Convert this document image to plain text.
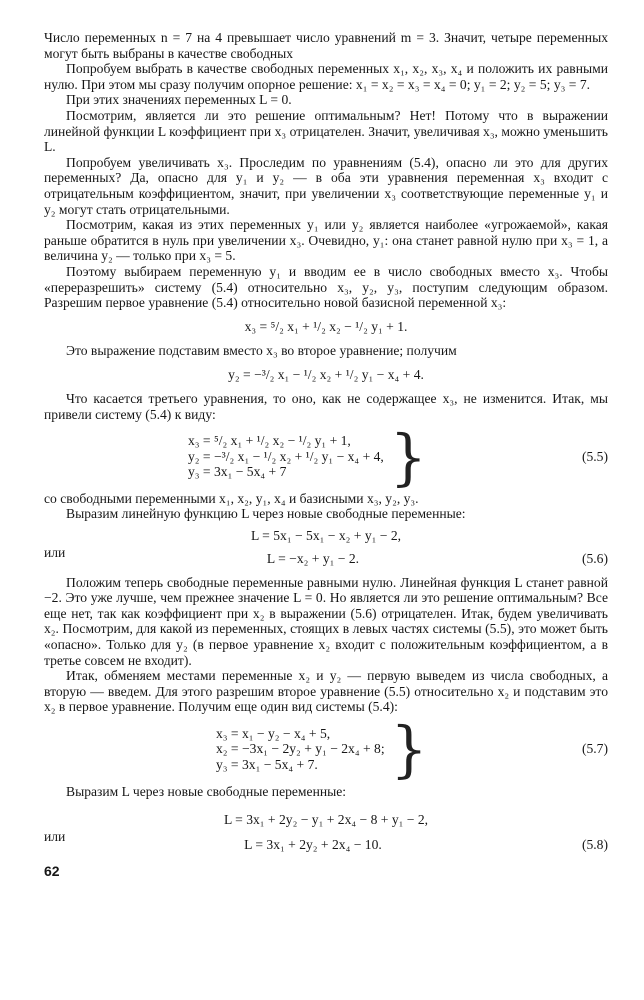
Число переменных n = 7 на 4 превышает число уравнений m = 3. Значит, четыре переменных могут быть выбраны в качестве свободных

Попробуем выбрать в качестве свободных переменных x₁, x₂, x₃, x₄ и положить их равными нулю. При этом мы сразу получим опорное решение: x₁ = x₂ = x₃ = x₄ = 0; y₁ = 2; y₂ = 5; y₃ = 7.

При этих значениях переменных L = 0.

Посмотрим, является ли это решение оптимальным? Нет! Потому что в выражении линейной функции L коэффициент при x₃ отрицателен. Значит, увеличивая x₃, можно уменьшить L.

Попробуем увеличивать x₃. Проследим по уравнениям (5.4), опасно ли это для других переменных? Да, опасно для y₁ и y₂ — в оба эти уравнения переменная x₃ входит с отрицательным коэффициентом, значит, при увеличении x₃ соответствующие переменные y₁ и y₂ могут стать отрицательными.

Посмотрим, какая из этих переменных y₁ или y₂ является наиболее «угрожаемой», какая раньше обратится в нуль при увеличении x₃. Очевидно, y₁: она станет равной нулю при x₃ = 1, а величина y₂ — только при x₃ = 5.

Поэтому выбираем переменную y₁ и вводим ее в число свободных вместо x₃. Чтобы «переразрешить» систему (5.4) относительно x₃, y₂, y₃, поступим следующим образом. Разрешим первое уравнение (5.4) относительно новой базисной переменной x₃:

x₃ = ⁵/₂ x₁ + ¹/₂ x₂ − ¹/₂ y₁ + 1.

Это выражение подставим вместо x₃ во второе уравнение; получим

y₂ = −³/₂ x₁ − ¹/₂ x₂ + ¹/₂ y₁ − x₄ + 4.

Что касается третьего уравнения, то оно, как не содержащее x₃, не изменится. Итак, мы привели систему (5.4) к виду:

x₃ = ⁵/₂ x₁ + ¹/₂ x₂ − ¹/₂ y₁ + 1,
y₂ = −³/₂ x₁ − ¹/₂ x₂ + ¹/₂ y₁ − x₄ + 4,
y₃ = 3x₁ − 5x₄ + 7	}	(5.5)

со свободными переменными x₁, x₂, y₁, x₄ и базисными x₃, y₂, y₃.

Выразим линейную функцию L через новые свободные переменные:

L = 5x₁ − 5x₁ − x₂ + y₁ − 2,

или	L = −x₂ + y₁ − 2.	(5.6)

Положим теперь свободные переменные равными нулю. Линейная функция L станет равной −2. Это уже лучше, чем прежнее значение L = 0. Но является ли это решение оптимальным? Все еще нет, так как коэффициент при x₂ в выражении (5.6) отрицателен. Итак, будем увеличивать x₂. Посмотрим, для какой из переменных, стоящих в левых частях системы (5.5), это может быть «опасно». Только для y₂ (в первое уравнение x₂ входит с положительным коэффициентом, а в третье совсем не входит).

Итак, обменяем местами переменные x₂ и y₂ — первую выведем из числа свободных, а вторую — введем. Для этого разрешим второе уравнение (5.5) относительно x₂ и подставим это x₂ в первое уравнение. Получим еще один вид системы (5.4):

x₃ = x₁ − y₂ − x₄ + 5,
x₂ = −3x₁ − 2y₂ + y₁ − 2x₄ + 8;
y₃ = 3x₁ − 5x₄ + 7.	}	(5.7)

Выразим L через новые свободные переменные:

L = 3x₁ + 2y₂ − y₁ + 2x₄ − 8 + y₁ − 2,

или

L = 3x₁ + 2y₂ + 2x₄ − 10.	(5.8)
62
